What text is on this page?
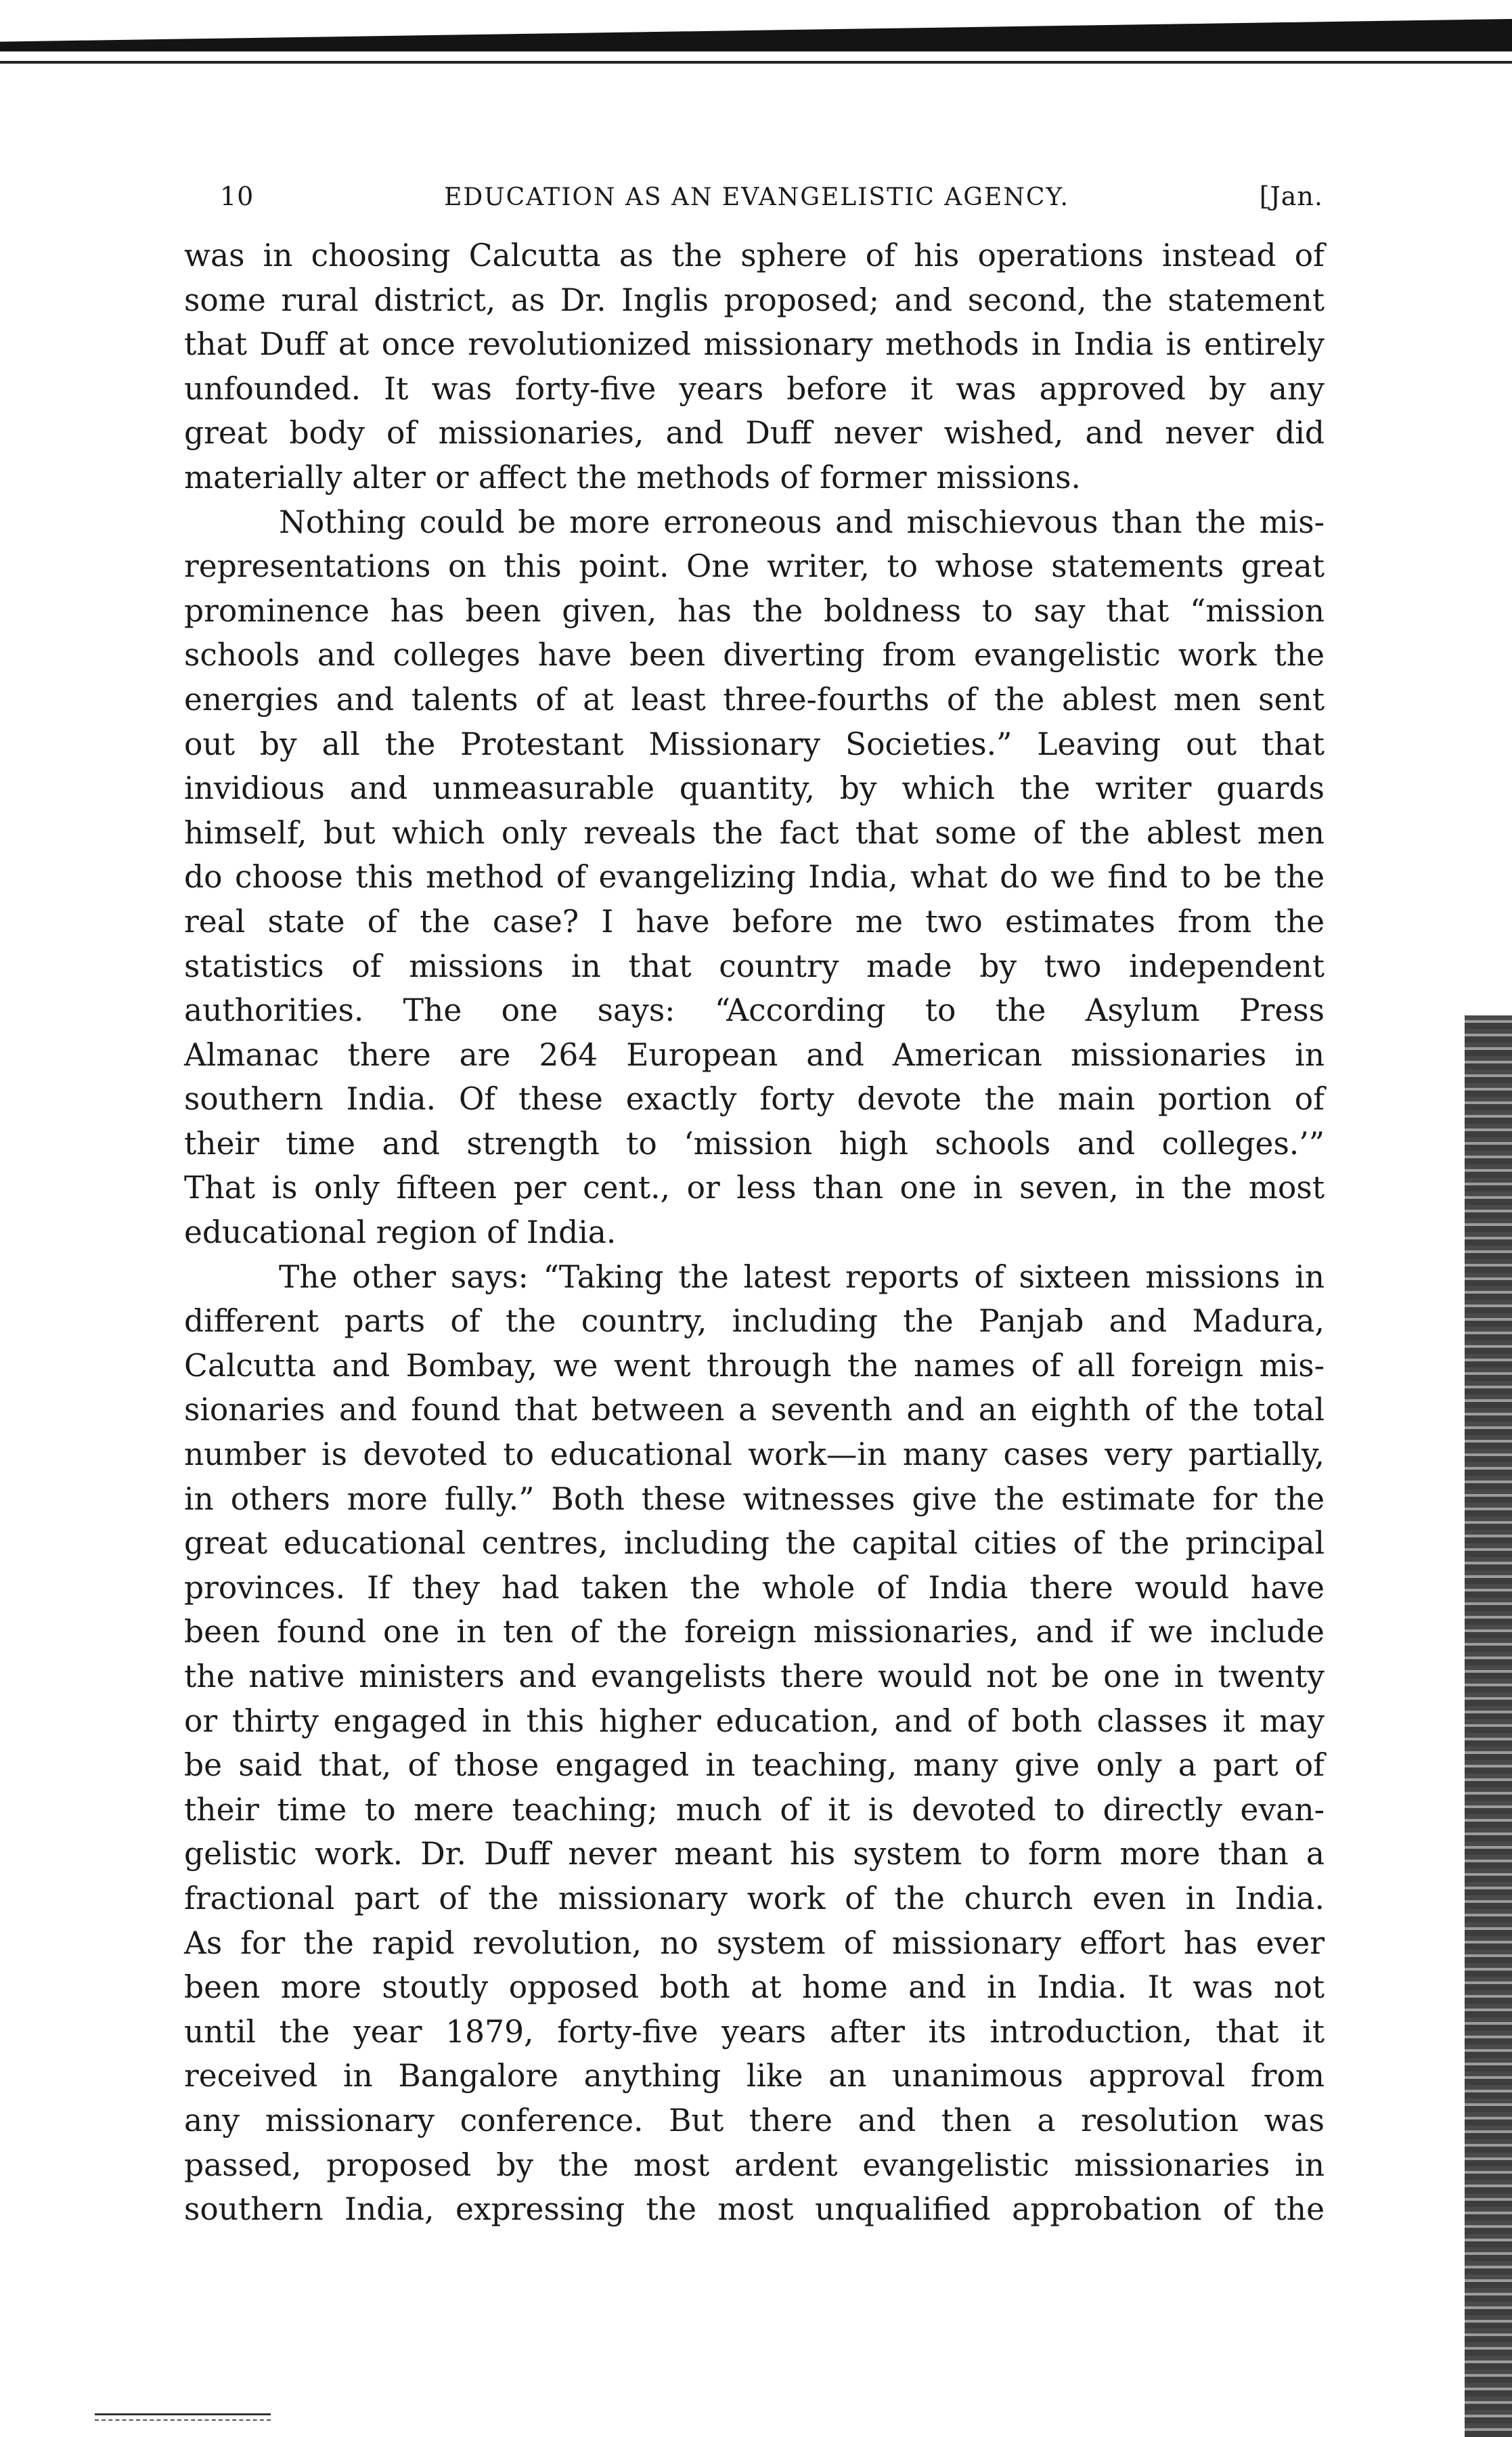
10	EDUCATION AS AN EVANGELISTIC AGENCY.	[Jan.
was in choosing Calcutta as the sphere of his operations instead of
some rural district, as Dr. Inglis proposed; and second, the statement
that Duff at once revolutionized missionary methods in India is entirely
unfounded. It was forty-five years before it was approved by any
great body of missionaries, and Duff never wished, and never did
materially alter or affect the methods of former missions.
Nothing could be more erroneous and mischievous than the mis-
representations on this point. One writer, to whose statements great
prominence has been given, has the boldness to say that “mission
schools and colleges have been diverting from evangelistic work the
energies and talents of at least three-fourths of the ablest men sent
out by all the Protestant Missionary Societies.” Leaving out that
invidious and unmeasurable quantity, by which the writer guards
himself, but which only reveals the fact that some of the ablest men
do choose this method of evangelizing India, what do we find to be the
real state of the case? I have before me two estimates from the
statistics of missions in that country made by two independent
authorities. The one says: “According to the Asylum Press
Almanac there are 264 European and American missionaries in
southern India. Of these exactly forty devote the main portion of
their time and strength to ‘mission high schools and colleges.’”
That is only fifteen per cent., or less than one in seven, in the most
educational region of India.
The other says: “Taking the latest reports of sixteen missions in
different parts of the country, including the Panjab and Madura,
Calcutta and Bombay, we went through the names of all foreign mis-
sionaries and found that between a seventh and an eighth of the total
number is devoted to educational work—in many cases very partially,
in others more fully.” Both these witnesses give the estimate for the
great educational centres, including the capital cities of the principal
provinces. If they had taken the whole of India there would have
been found one in ten of the foreign missionaries, and if we include
the native ministers and evangelists there would not be one in twenty
or thirty engaged in this higher education, and of both classes it may
be said that, of those engaged in teaching, many give only a part of
their time to mere teaching; much of it is devoted to directly evan-
gelistic work. Dr. Duff never meant his system to form more than a
fractional part of the missionary work of the church even in India.
As for the rapid revolution, no system of missionary effort has ever
been more stoutly opposed both at home and in India. It was not
until the year 1879, forty-five years after its introduction, that it
received in Bangalore anything like an unanimous approval from
any missionary conference. But there and then a resolution was
passed, proposed by the most ardent evangelistic missionaries in
southern India, expressing the most unqualified approbation of the
